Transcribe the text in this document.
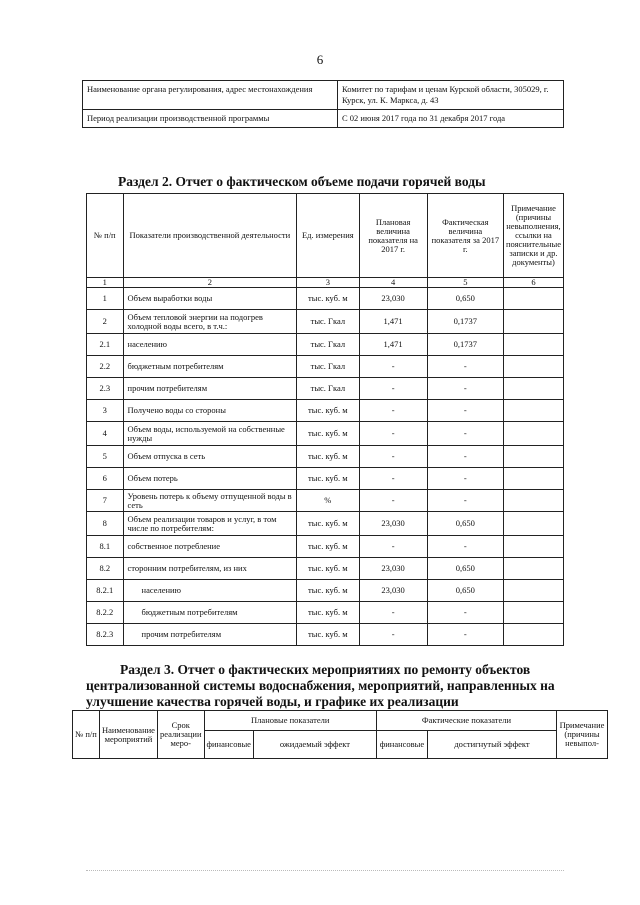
6
Наименование органа регулирования, адрес местонахождения	Комитет по тарифам и ценам Курской области, 305029, г. Курск, ул. К. Маркса, д. 43
Период реализации производственной программы	С 02 июня 2017 года по 31 декабря 2017 года
Раздел 2. Отчет о фактическом объеме подачи горячей воды
№ п/п	Показатели производственной деятельности	Ед. измерения	Плановая величина показателя на 2017 г.	Фактическая величина показателя за 2017 г.	Примечание (причины невыполнения, ссылки на пояснительные записки и др. документы)
1	2	3	4	5	6
1	Объем выработки воды	тыс. куб. м	23,030	0,650	
2	Объем тепловой энергии на подогрев холодной воды всего, в т.ч.:	тыс. Гкал	1,471	0,1737	
2.1	населению	тыс. Гкал	1,471	0,1737	
2.2	бюджетным потребителям	тыс. Гкал	-	-	
2.3	прочим потребителям	тыс. Гкал	-	-	
3	Получено воды со стороны	тыс. куб. м	-	-	
4	Объем воды, используемой на собственные нужды	тыс. куб. м	-	-	
5	Объем отпуска в сеть	тыс. куб. м	-	-	
6	Объем потерь	тыс. куб. м	-	-	
7	Уровень потерь к объему отпущенной воды в сеть	%	-	-	
8	Объем реализации товаров и услуг, в том числе по потребителям:	тыс. куб. м	23,030	0,650	
8.1	собственное потребление	тыс. куб. м	-	-	
8.2	сторонним потребителям, из них	тыс. куб. м	23,030	0,650	
8.2.1	населению	тыс. куб. м	23,030	0,650	
8.2.2	бюджетным потребителям	тыс. куб. м	-	-	
8.2.3	прочим потребителям	тыс. куб. м	-	-	
Раздел 3. Отчет о фактических мероприятиях по ремонту объектов
централизованной системы водоснабжения, мероприятий, направленных на
улучшение качества горячей воды, и графике их реализации
№ п/п	Наименование мероприятий	Срок реализации меро-	Плановые показатели		Фактические показатели		Примечание (причины невыпол-
			финансовые	ожидаемый эффект	финансовые	достигнутый эффект	
